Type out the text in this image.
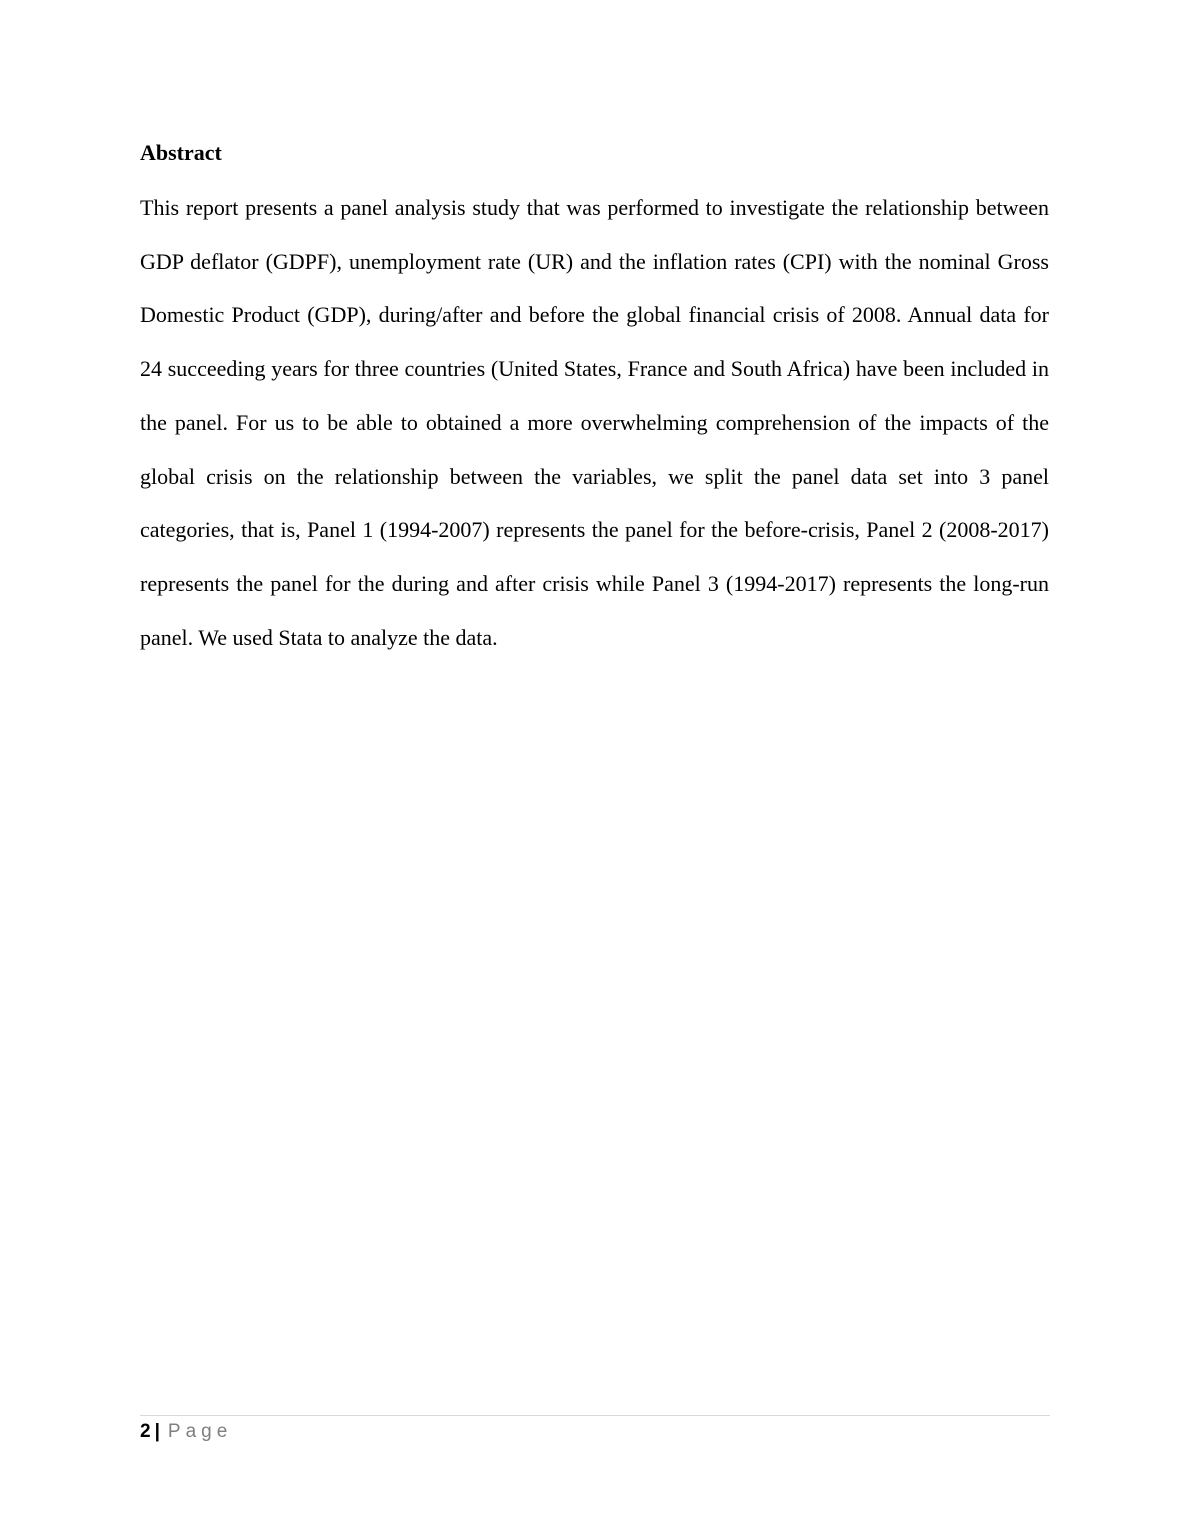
Abstract

This report presents a panel analysis study that was performed to investigate the relationship between  GDP deflator (GDPF), unemployment rate (UR) and the inflation rates (CPI) with the nominal Gross Domestic Product (GDP), during/after and before the global financial crisis of 2008. Annual data for 24 succeeding years for three countries (United States, France and South Africa) have been included in the panel. For us to be able to obtained a more overwhelming comprehension of the impacts of the global crisis on the relationship between the variables, we split the panel data set into 3 panel categories, that is, Panel 1 (1994-2007) represents the panel for the before-crisis, Panel 2 (2008-2017) represents the panel for the during and after crisis while Panel 3 (1994-2017) represents the long-run panel. We used Stata to analyze the data.

2 | Page
